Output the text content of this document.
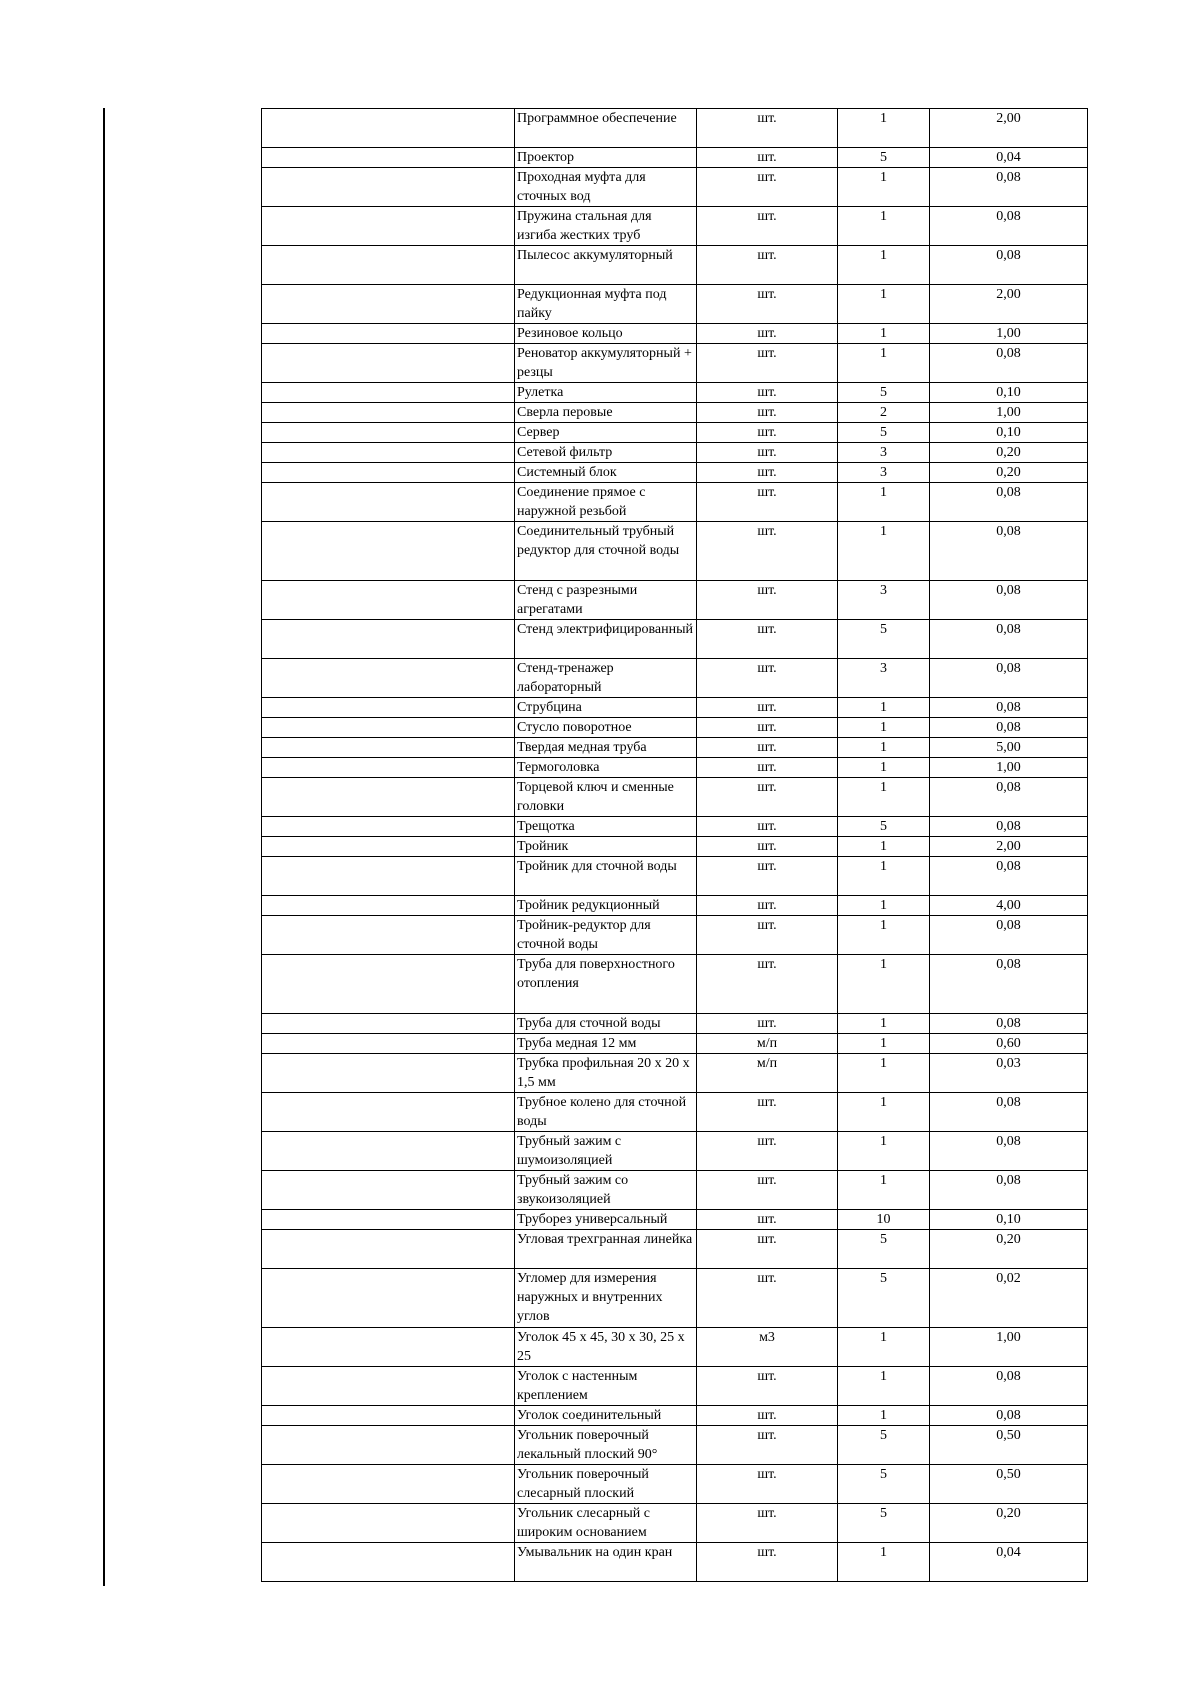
	Программное обеспечение	шт.	1	2,00
	Проектор	шт.	5	0,04
	Проходная муфта для сточных вод	шт.	1	0,08
	Пружина стальная для изгиба жестких труб	шт.	1	0,08
	Пылесос аккумуляторный	шт.	1	0,08
	Редукционная муфта под пайку	шт.	1	2,00
	Резиновое кольцо	шт.	1	1,00
	Реноватор аккумуляторный + резцы	шт.	1	0,08
	Рулетка	шт.	5	0,10
	Сверла перовые	шт.	2	1,00
	Сервер	шт.	5	0,10
	Сетевой фильтр	шт.	3	0,20
	Системный блок	шт.	3	0,20
	Соединение прямое с наружной резьбой	шт.	1	0,08
	Соединительный трубный редуктор для сточной воды	шт.	1	0,08
	Стенд с разрезными агрегатами	шт.	3	0,08
	Стенд электрифицированный	шт.	5	0,08
	Стенд-тренажер лабораторный	шт.	3	0,08
	Струбцина	шт.	1	0,08
	Стусло поворотное	шт.	1	0,08
	Твердая медная труба	шт.	1	5,00
	Термоголовка	шт.	1	1,00
	Торцевой ключ и сменные головки	шт.	1	0,08
	Трещотка	шт.	5	0,08
	Тройник	шт.	1	2,00
	Тройник для сточной воды	шт.	1	0,08
	Тройник редукционный	шт.	1	4,00
	Тройник-редуктор для сточной воды	шт.	1	0,08
	Труба для поверхностного отопления	шт.	1	0,08
	Труба для сточной воды	шт.	1	0,08
	Труба медная 12 мм	м/п	1	0,60
	Трубка профильная 20 х 20 х 1,5 мм	м/п	1	0,03
	Трубное колено для сточной воды	шт.	1	0,08
	Трубный зажим с шумоизоляцией	шт.	1	0,08
	Трубный зажим со звукоизоляцией	шт.	1	0,08
	Труборез универсальный	шт.	10	0,10
	Угловая трехгранная линейка	шт.	5	0,20
	Угломер для измерения наружных и внутренних углов	шт.	5	0,02
	Уголок 45 х 45, 30 х 30, 25 х 25	м3	1	1,00
	Уголок с настенным креплением	шт.	1	0,08
	Уголок соединительный	шт.	1	0,08
	Угольник поверочный лекальный плоский 90°	шт.	5	0,50
	Угольник поверочный слесарный плоский	шт.	5	0,50
	Угольник слесарный с широким основанием	шт.	5	0,20
	Умывальник на один кран	шт.	1	0,04
